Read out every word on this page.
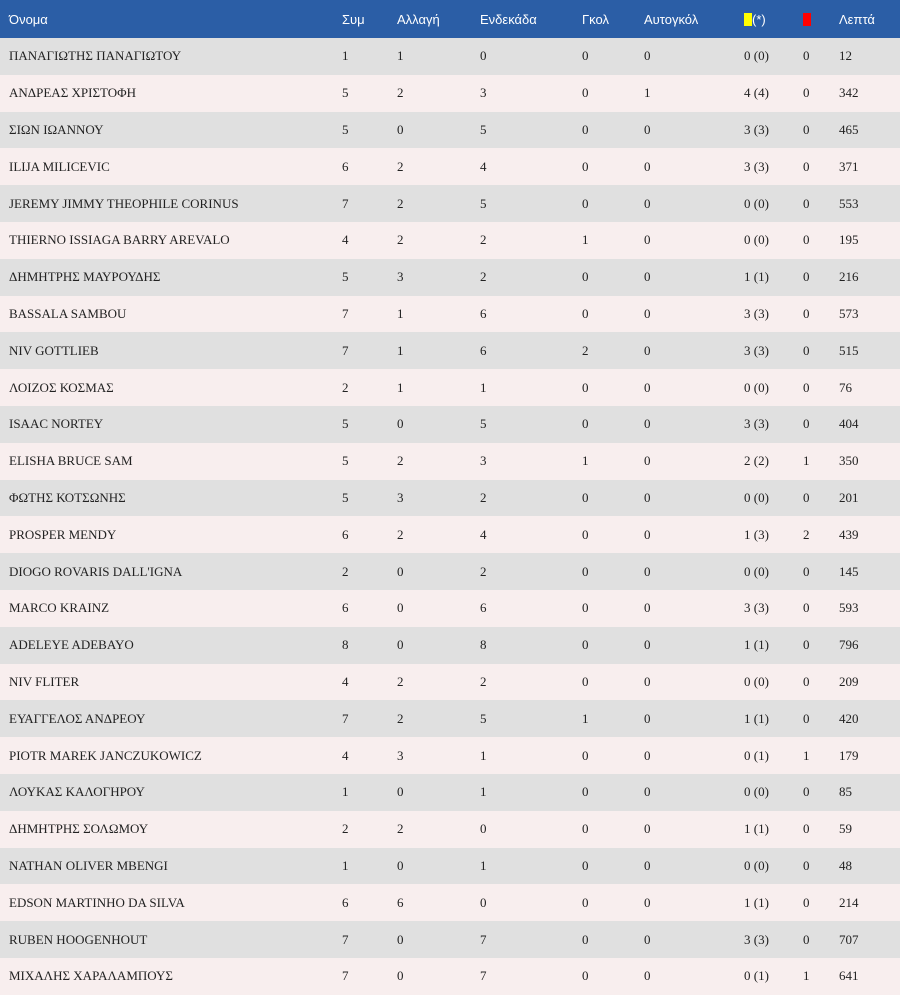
Όνομα	Συμ	Αλλαγή	Ενδεκάδα	Γκολ	Αυτογκόλ	(*)		Λεπτά
ΠΑΝΑΓΙΩΤΗΣ ΠΑΝΑΓΙΩΤΟΥ	1	1	0	0	0	0 (0)	0	12
ΑΝΔΡΕΑΣ ΧΡΙΣΤΟΦΗ	5	2	3	0	1	4 (4)	0	342
ΣΙΩΝ ΙΩΑΝΝΟΥ	5	0	5	0	0	3 (3)	0	465
ILIJA MILICEVIC	6	2	4	0	0	3 (3)	0	371
JEREMY JIMMY THEOPHILE CORINUS	7	2	5	0	0	0 (0)	0	553
THIERNO ISSIAGA BARRY AREVALO	4	2	2	1	0	0 (0)	0	195
ΔΗΜΗΤΡΗΣ ΜΑΥΡΟΥΔΗΣ	5	3	2	0	0	1 (1)	0	216
BASSALA SAMBOU	7	1	6	0	0	3 (3)	0	573
NIV GOTTLIEB	7	1	6	2	0	3 (3)	0	515
ΛΟΙΖΟΣ ΚΟΣΜΑΣ	2	1	1	0	0	0 (0)	0	76
ISAAC NORTEY	5	0	5	0	0	3 (3)	0	404
ELISHA BRUCE SAM	5	2	3	1	0	2 (2)	1	350
ΦΩΤΗΣ ΚΟΤΣΩΝΗΣ	5	3	2	0	0	0 (0)	0	201
PROSPER MENDY	6	2	4	0	0	1 (3)	2	439
DIOGO ROVARIS DALL'IGNA	2	0	2	0	0	0 (0)	0	145
MARCO KRAINZ	6	0	6	0	0	3 (3)	0	593
ADELEYE ADEBAYO	8	0	8	0	0	1 (1)	0	796
NIV FLITER	4	2	2	0	0	0 (0)	0	209
ΕΥΑΓΓΕΛΟΣ ΑΝΔΡΕΟΥ	7	2	5	1	0	1 (1)	0	420
PIOTR MAREK JANCZUKOWICZ	4	3	1	0	0	0 (1)	1	179
ΛΟΥΚΑΣ ΚΑΛΟΓΗΡΟΥ	1	0	1	0	0	0 (0)	0	85
ΔΗΜΗΤΡΗΣ ΣΟΛΩΜΟΥ	2	2	0	0	0	1 (1)	0	59
NATHAN OLIVER MBENGI	1	0	1	0	0	0 (0)	0	48
EDSON MARTINHO DA SILVA	6	6	0	0	0	1 (1)	0	214
RUBEN HOOGENHOUT	7	0	7	0	0	3 (3)	0	707
ΜΙΧΑΛΗΣ ΧΑΡΑΛΑΜΠΟΥΣ	7	0	7	0	0	0 (1)	1	641
